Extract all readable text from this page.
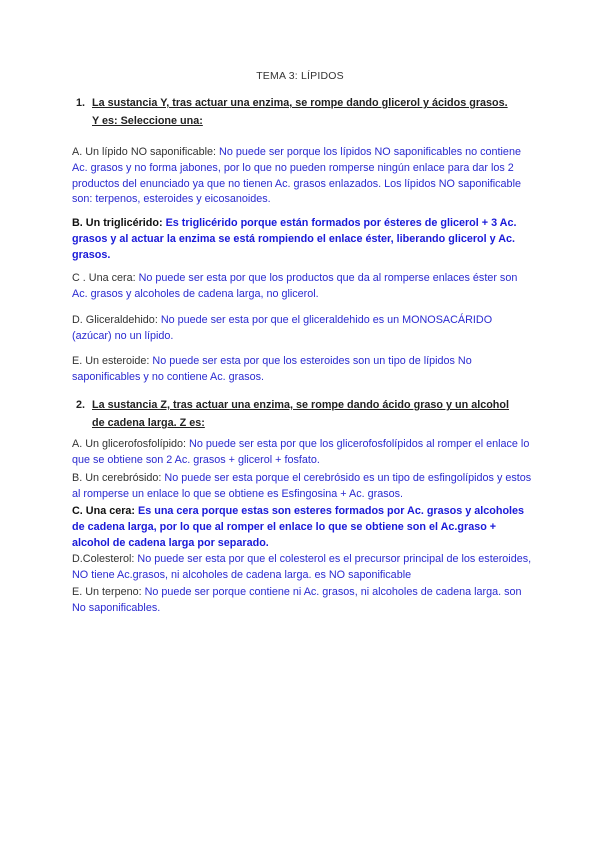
TEMA 3: LÍPIDOS
1. La sustancia Y, tras actuar una enzima, se rompe dando glicerol y ácidos grasos. Y es: Seleccione una:
A. Un lípido NO saponificable: No puede ser porque los lípidos NO saponificables no contiene Ac. grasos y no forma jabones, por lo que no pueden romperse ningún enlace para dar los 2 productos del enunciado ya que no tienen Ac. grasos enlazados. Los lípidos NO saponificable son: terpenos, esteroides y eicosanoides.
B. Un triglicérido: Es triglicérido porque están formados por ésteres de glicerol + 3 Ac. grasos y al actuar la enzima se está rompiendo el enlace éster, liberando glicerol y Ac. grasos.
C . Una cera: No puede ser esta por que los productos que da al romperse enlaces éster son Ac. grasos y alcoholes de cadena larga, no glicerol.
D. Gliceraldehido: No puede ser esta por que el gliceraldehido es un MONOSACÁRIDO (azúcar) no un lípido.
E. Un esteroide: No puede ser esta por que los esteroides son un tipo de lípidos No saponificables y no contiene Ac. grasos.
2. La sustancia Z, tras actuar una enzima, se rompe dando ácido graso y un alcohol de cadena larga. Z es:
A. Un glicerofosfolípido: No puede ser esta por que los glicerofosfolípidos al romper el enlace lo que se obtiene son 2 Ac. grasos + glicerol + fosfato.
B. Un cerebrósido: No puede ser esta porque el cerebrósido es un tipo de esfingolípidos y estos al romperse un enlace lo que se obtiene es Esfingosina + Ac. grasos.
C. Una cera: Es una cera porque estas son esteres formados por Ac. grasos y alcoholes de cadena larga, por lo que al romper el enlace lo que se obtiene son el Ac.graso + alcohol de cadena larga por separado.
D.Colesterol: No puede ser esta por que el colesterol es el precursor principal de los esteroides, NO tiene Ac.grasos, ni alcoholes de cadena larga. es NO saponificable
E. Un terpeno: No puede ser porque contiene ni Ac. grasos, ni alcoholes de cadena larga. son No saponificables.
